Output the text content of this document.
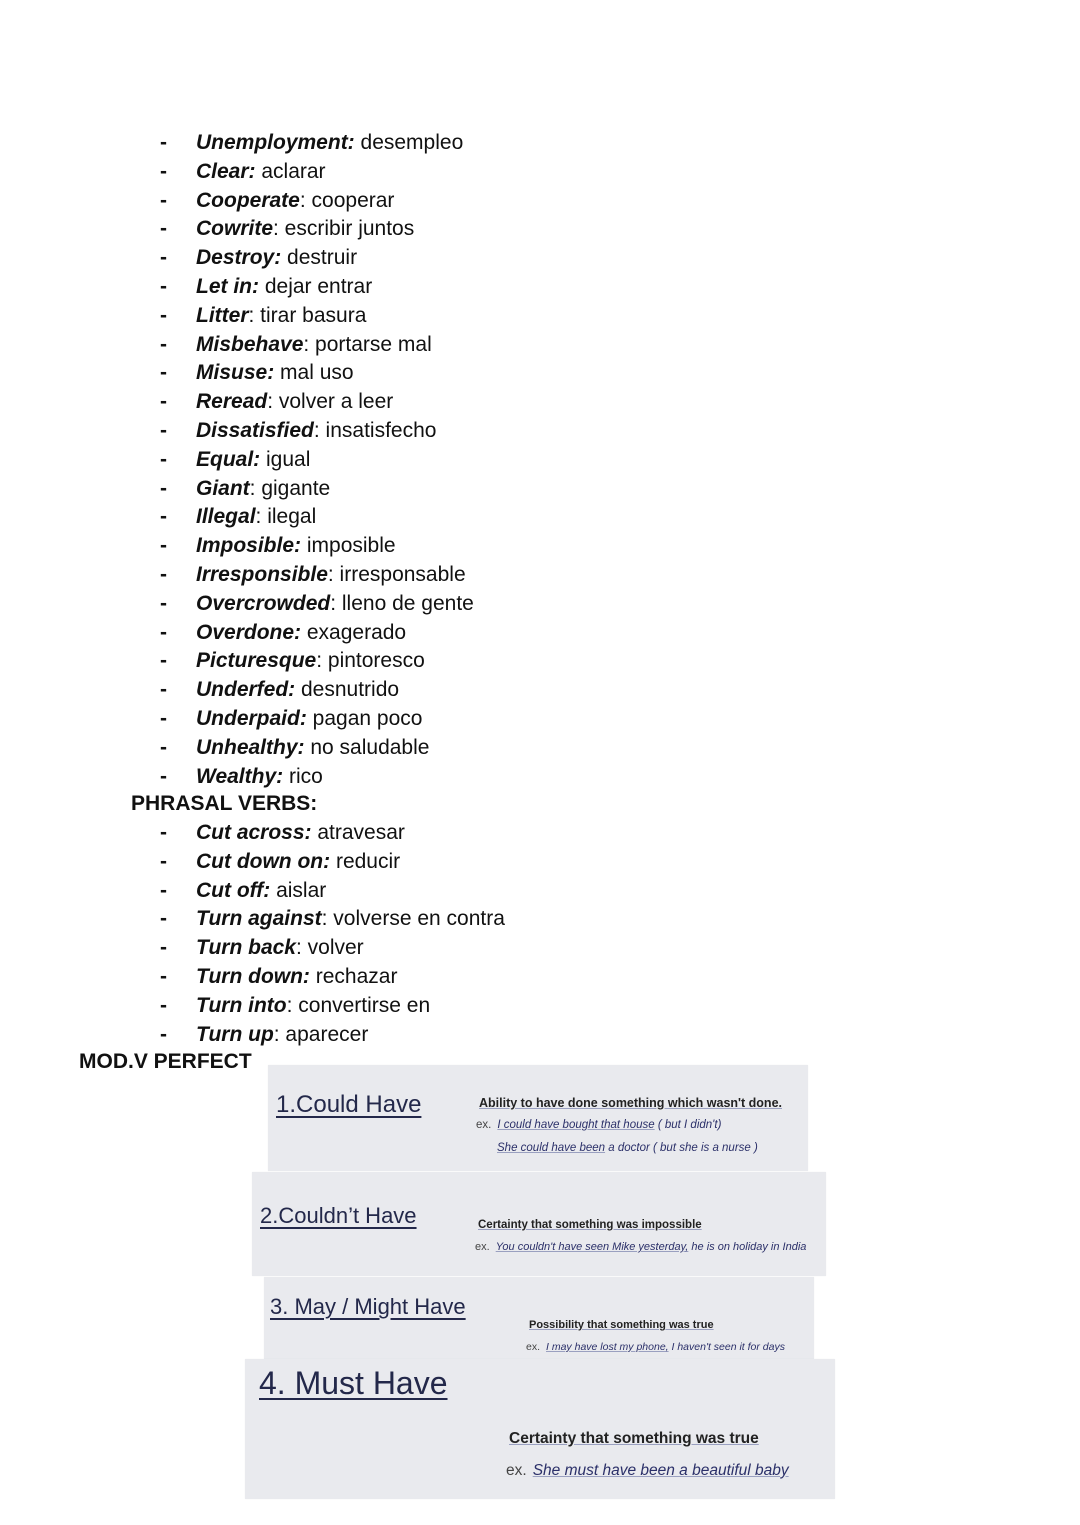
-	Unemployment: desempleo
-	Clear: aclarar
-	Cooperate: cooperar
-	Cowrite: escribir juntos
-	Destroy: destruir
-	Let in: dejar entrar
-	Litter: tirar basura
-	Misbehave: portarse mal
-	Misuse: mal uso
-	Reread: volver a leer
-	Dissatisfied: insatisfecho
-	Equal: igual
-	Giant: gigante
-	Illegal: ilegal
-	Imposible: imposible
-	Irresponsible: irresponsable
-	Overcrowded: lleno de gente
-	Overdone: exagerado
-	Picturesque: pintoresco
-	Underfed: desnutrido
-	Underpaid: pagan poco
-	Unhealthy: no saludable
-	Wealthy: rico
PHRASAL VERBS:
-	Cut across: atravesar
-	Cut down on: reducir
-	Cut off: aislar
-	Turn against: volverse en contra
-	Turn back: volver
-	Turn down: rechazar
-	Turn into: convertirse en
-	Turn up: aparecer
MOD.V PERFECT
1.Could Have	Ability to have done something which wasn't done.
ex. I could have bought that house ( but I didn't)
She could have been a doctor ( but she is a nurse )
2.Couldn’t Have	Certainty that something was impossible
ex. You couldn't have seen Mike yesterday, he is on holiday in India
3. May / Might Have
Possibility that something was true
ex. I may have lost my phone, I haven't seen it for days
4. Must Have
Certainty that something was true
ex. She must have been a beautiful baby
